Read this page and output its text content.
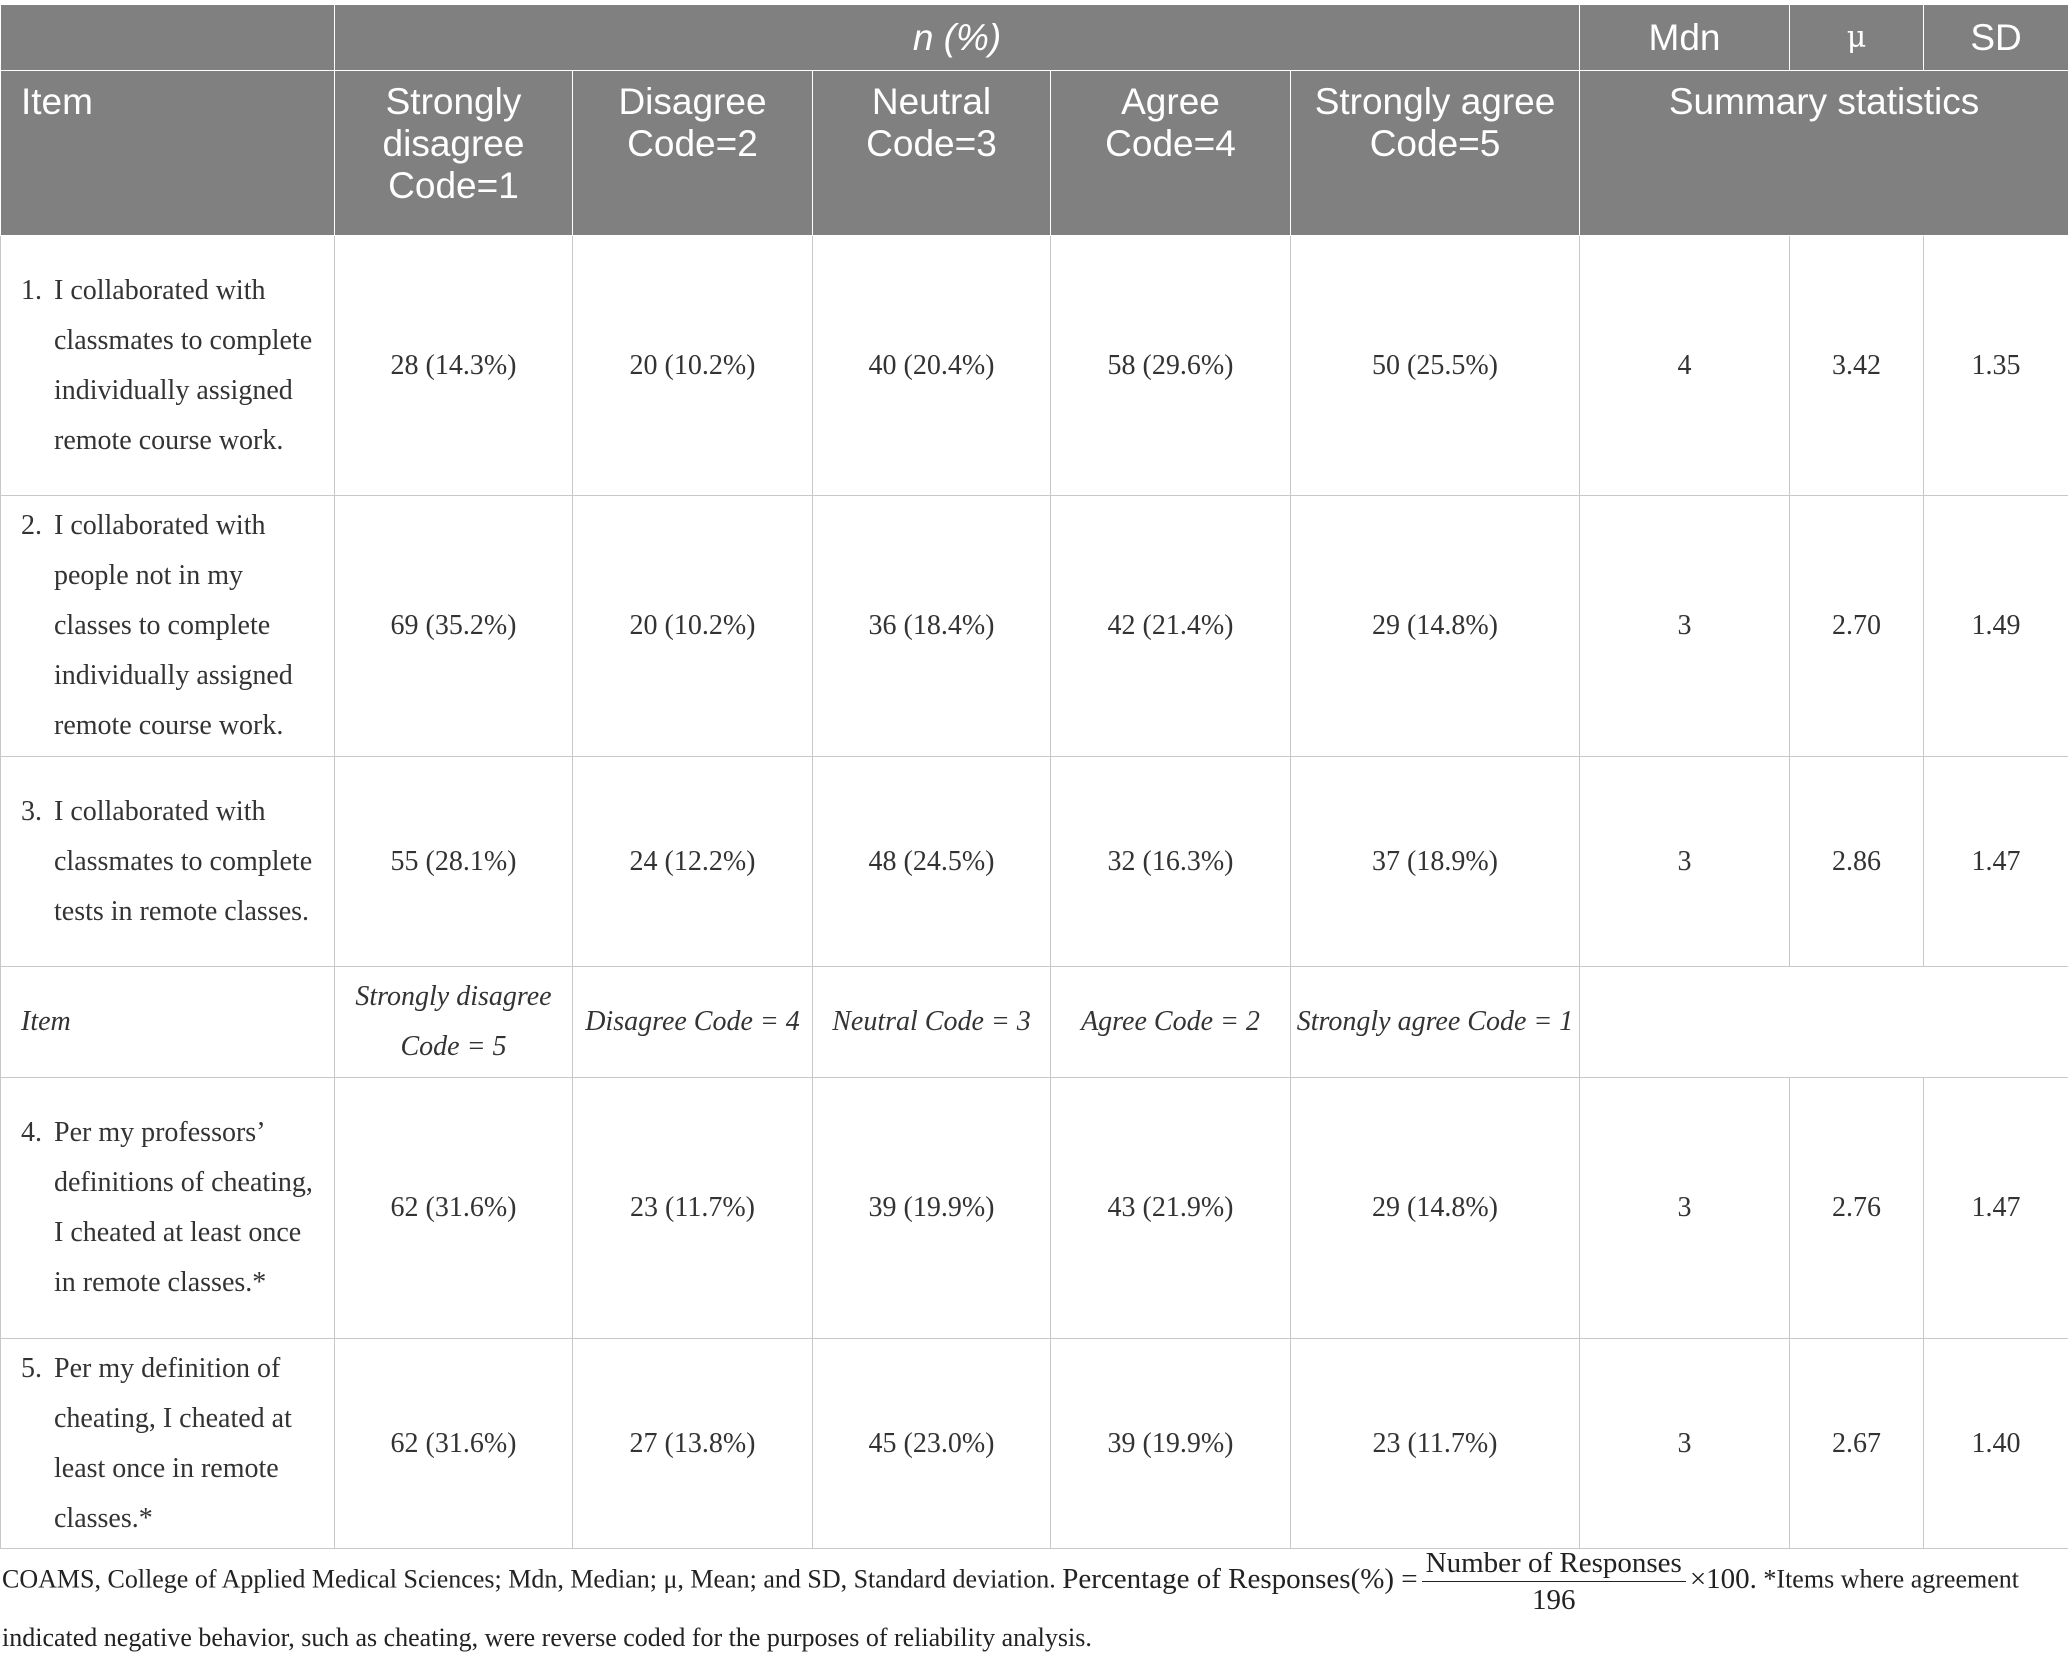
	n (%)					Mdn	μ	SD
Item	Strongly disagree Code=1	Disagree Code=2	Neutral Code=3	Agree Code=4	Strongly agree Code=5	Summary statistics		
1. I collaborated with classmates to complete individually assigned remote course work.	28 (14.3%)	20 (10.2%)	40 (20.4%)	58 (29.6%)	50 (25.5%)	4	3.42	1.35
2. I collaborated with people not in my classes to complete individually assigned remote course work.	69 (35.2%)	20 (10.2%)	36 (18.4%)	42 (21.4%)	29 (14.8%)	3	2.70	1.49
3. I collaborated with classmates to complete tests in remote classes.	55 (28.1%)	24 (12.2%)	48 (24.5%)	32 (16.3%)	37 (18.9%)	3	2.86	1.47
Item	Strongly disagree Code = 5	Disagree Code = 4	Neutral Code = 3	Agree Code = 2	Strongly agree Code = 1			
4. Per my professors’ definitions of cheating, I cheated at least once in remote classes.*	62 (31.6%)	23 (11.7%)	39 (19.9%)	43 (21.9%)	29 (14.8%)	3	2.76	1.47
5. Per my definition of cheating, I cheated at least once in remote classes.*	62 (31.6%)	27 (13.8%)	45 (23.0%)	39 (19.9%)	23 (11.7%)	3	2.67	1.40
COAMS, College of Applied Medical Sciences; Mdn, Median; μ, Mean; and SD, Standard deviation. Percentage of Responses(%) = $\frac{\text{Number of Responses}}{196} \times 100$. *Items where agreement indicated negative behavior, such as cheating, were reverse coded for the purposes of reliability analysis.
